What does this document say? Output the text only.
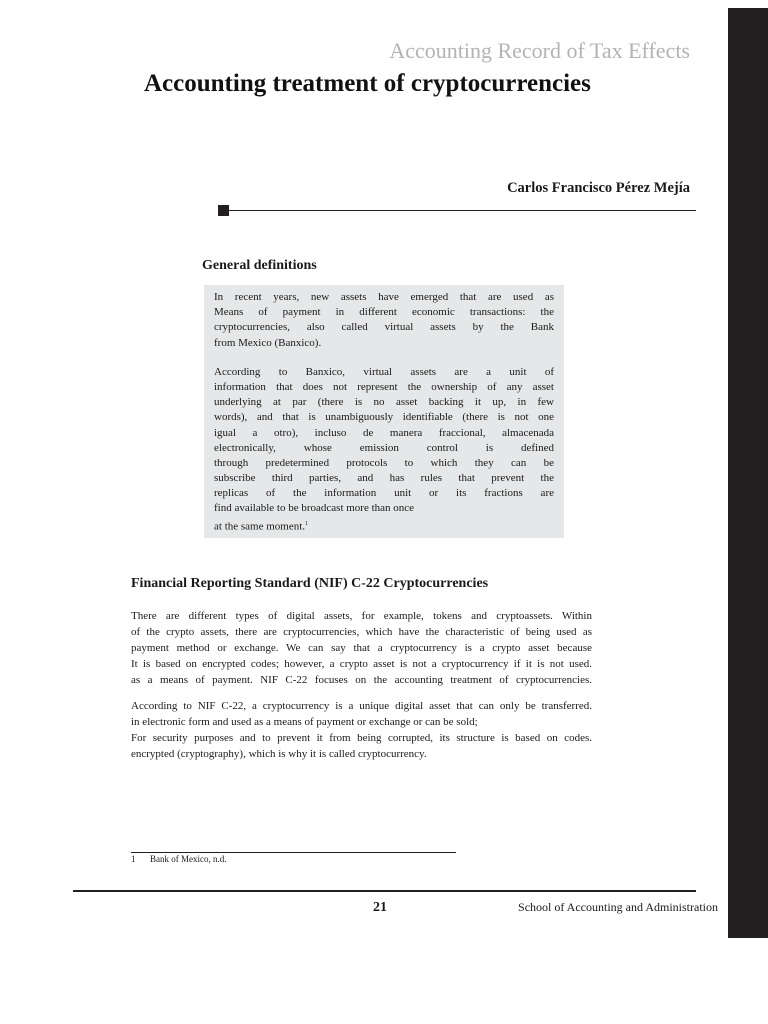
Accounting Record of Tax Effects
Accounting treatment of cryptocurrencies
Carlos Francisco Pérez Mejía
General definitions
In recent years, new assets have emerged that are used as
Means of payment in different economic transactions: the
cryptocurrencies, also called virtual assets by the Bank
from Mexico (Banxico).
According to Banxico, virtual assets are a unit of
information that does not represent the ownership of any asset
underlying at par (there is no asset backing it up, in few
words), and that is unambiguously identifiable (there is not one
igual a otro), incluso de manera fraccional, almacenada
electronically, whose emission control is defined
through predetermined protocols to which they can be
subscribe third parties, and has rules that prevent the
replicas of the information unit or its fractions are
find available to be broadcast more than once
at the same moment.$^1$
Financial Reporting Standard (NIF) C-22 Cryptocurrencies
There are different types of digital assets, for example, tokens and cryptoassets. Within
of the crypto assets, there are cryptocurrencies, which have the characteristic of being used as
payment method or exchange. We can say that a cryptocurrency is a crypto asset because
It is based on encrypted codes; however, a crypto asset is not a cryptocurrency if it is not used.
as a means of payment. NIF C-22 focuses on the accounting treatment of cryptocurrencies.
According to NIF C-22, a cryptocurrency is a unique digital asset that can only be transferred.
in electronic form and used as a means of payment or exchange or can be sold;
For security purposes and to prevent it from being corrupted, its structure is based on codes.
encrypted (cryptography), which is why it is called cryptocurrency.
1 Bank of Mexico, n.d.
21	School of Accounting and Administration
